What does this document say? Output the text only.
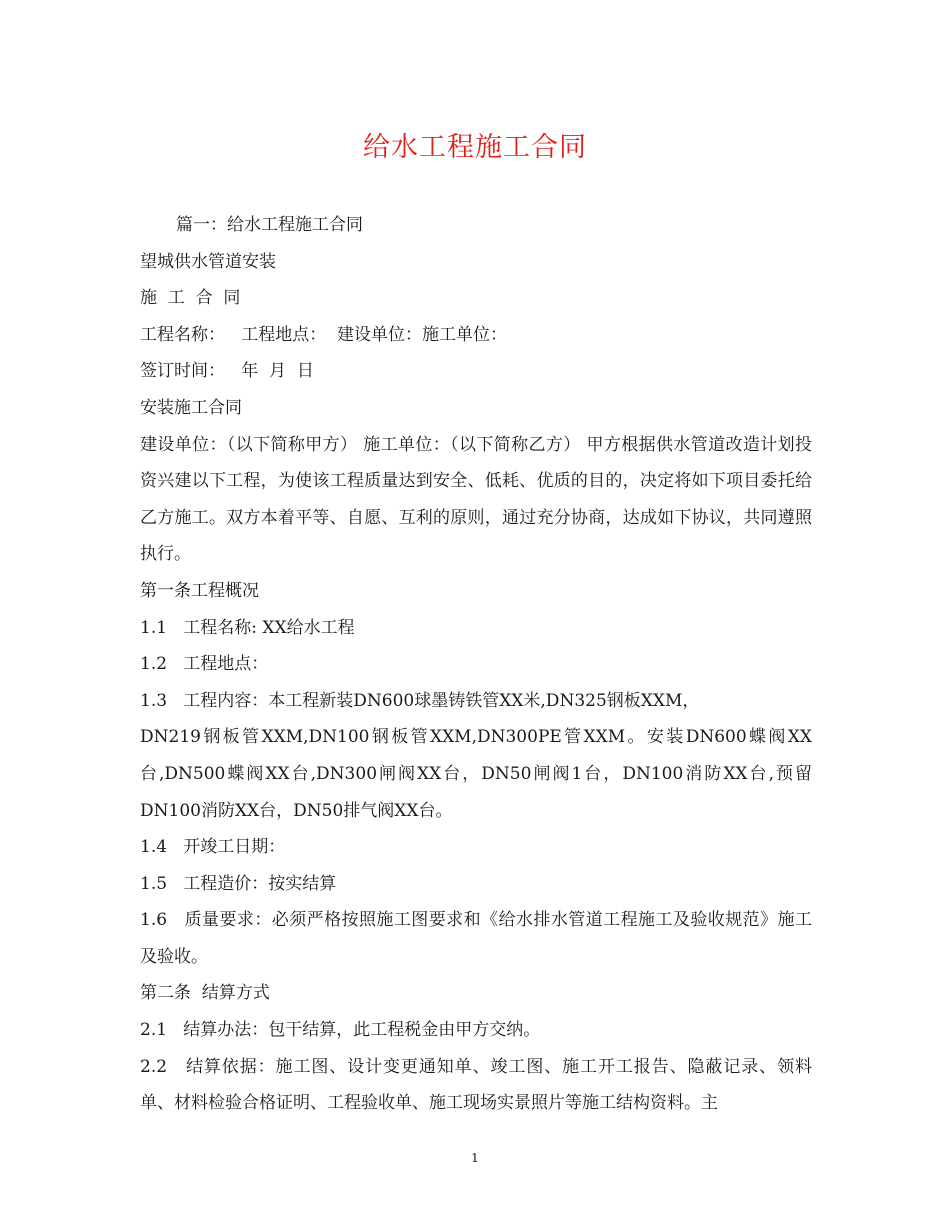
给水工程施工合同

篇一：给水工程施工合同

望城供水管道安装

施  工  合  同

工程名称：   工程地点：  建设单位：施工单位：

签订时间：   年  月  日

安装施工合同

建设单位：（以下简称甲方） 施工单位：（以下简称乙方） 甲方根据供水管道改造计划投资兴建以下工程，为使该工程质量达到安全、低耗、优质的目的，决定将如下项目委托给乙方施工。双方本着平等、自愿、互利的原则，通过充分协商，达成如下协议，共同遵照执行。

第一条工程概况

1.1   工程名称: XX给水工程

1.2   工程地点：

1.3   工程内容：本工程新装DN600球墨铸铁管XX米,DN325钢板XXM，

DN219钢板管XXM,DN100钢板管XXM,DN300PE管XXM。安装DN600蝶阀XX台,DN500蝶阀XX台,DN300闸阀XX台，DN50闸阀1台，DN100消防XX台,预留DN100消防XX台，DN50排气阀XX台。

1.4   开竣工日期：

1.5   工程造价：按实结算

1.6   质量要求：必须严格按照施工图要求和《给水排水管道工程施工及验收规范》施工及验收。

第二条  结算方式

2.1   结算办法：包干结算，此工程税金由甲方交纳。

2.2   结算依据：施工图、设计变更通知单、竣工图、施工开工报告、隐蔽记录、领料单、材料检验合格证明、工程验收单、施工现场实景照片等施工结构资料。主

1
